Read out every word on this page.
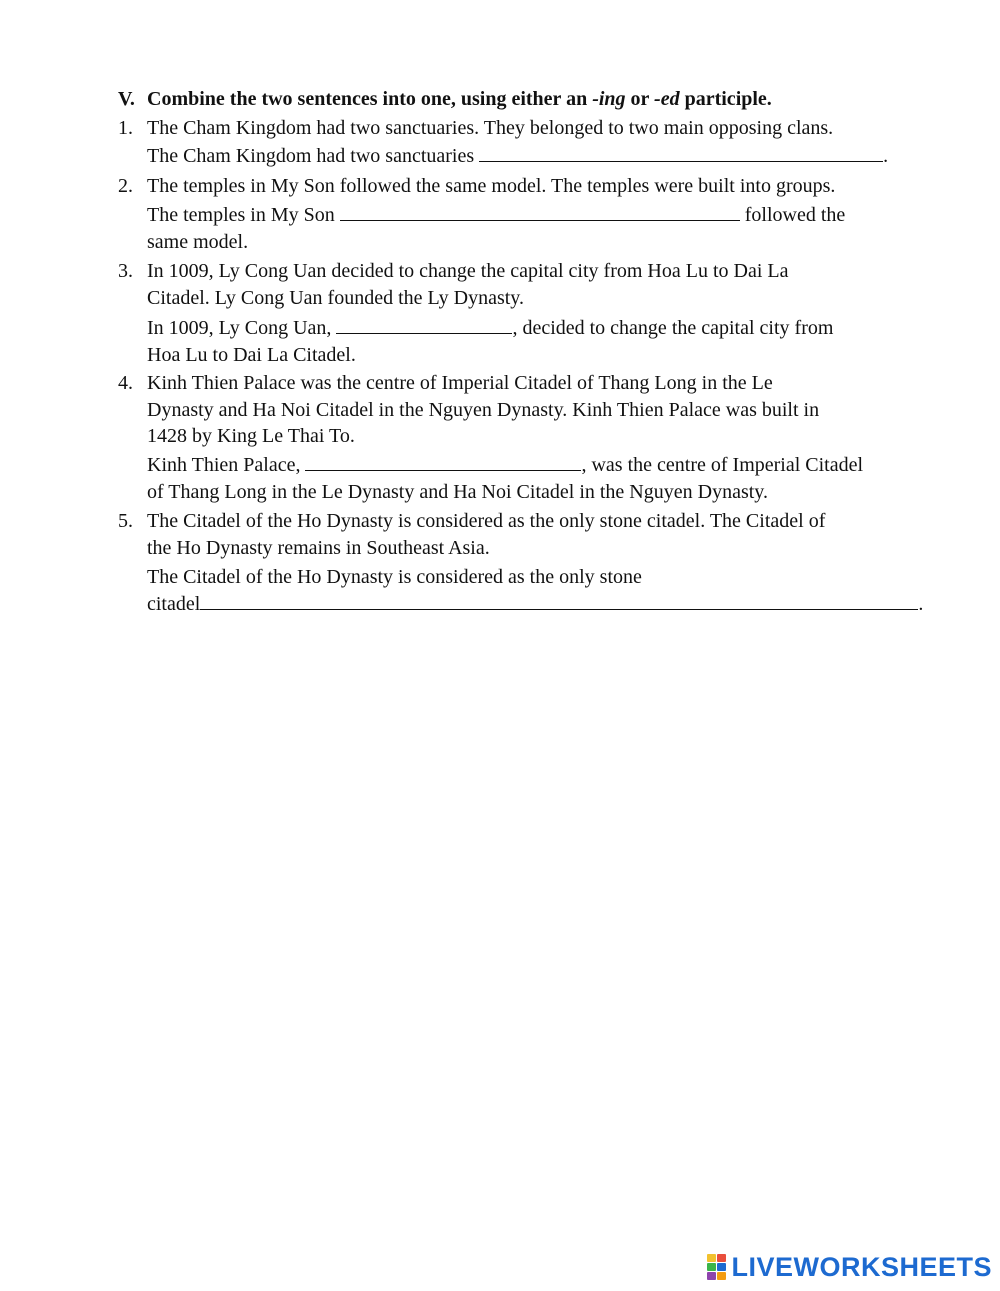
V. Combine the two sentences into one, using either an -ing or -ed participle.
1. The Cham Kingdom had two sanctuaries. They belonged to two main opposing clans.
The Cham Kingdom had two sanctuaries	.
2. The temples in My Son followed the same model. The temples were built into groups.
The temples in My Son	followed the
same model.
3. In 1009, Ly Cong Uan decided to change the capital city from Hoa Lu to Dai La
Citadel. Ly Cong Uan founded the Ly Dynasty.
In 1009, Ly Cong Uan,	, decided to change the capital city from
Hoa Lu to Dai La Citadel.
4. Kinh Thien Palace was the centre of Imperial Citadel of Thang Long in the Le
Dynasty and Ha Noi Citadel in the Nguyen Dynasty. Kinh Thien Palace was built in
1428 by King Le Thai To.
Kinh Thien Palace,	, was the centre of Imperial Citadel
of Thang Long in the Le Dynasty and Ha Noi Citadel in the Nguyen Dynasty.
5. The Citadel of the Ho Dynasty is considered as the only stone citadel. The Citadel of
the Ho Dynasty remains in Southeast Asia.
The Citadel of the Ho Dynasty is considered as the only stone
citadel	.
LIVEWORKSHEETS
